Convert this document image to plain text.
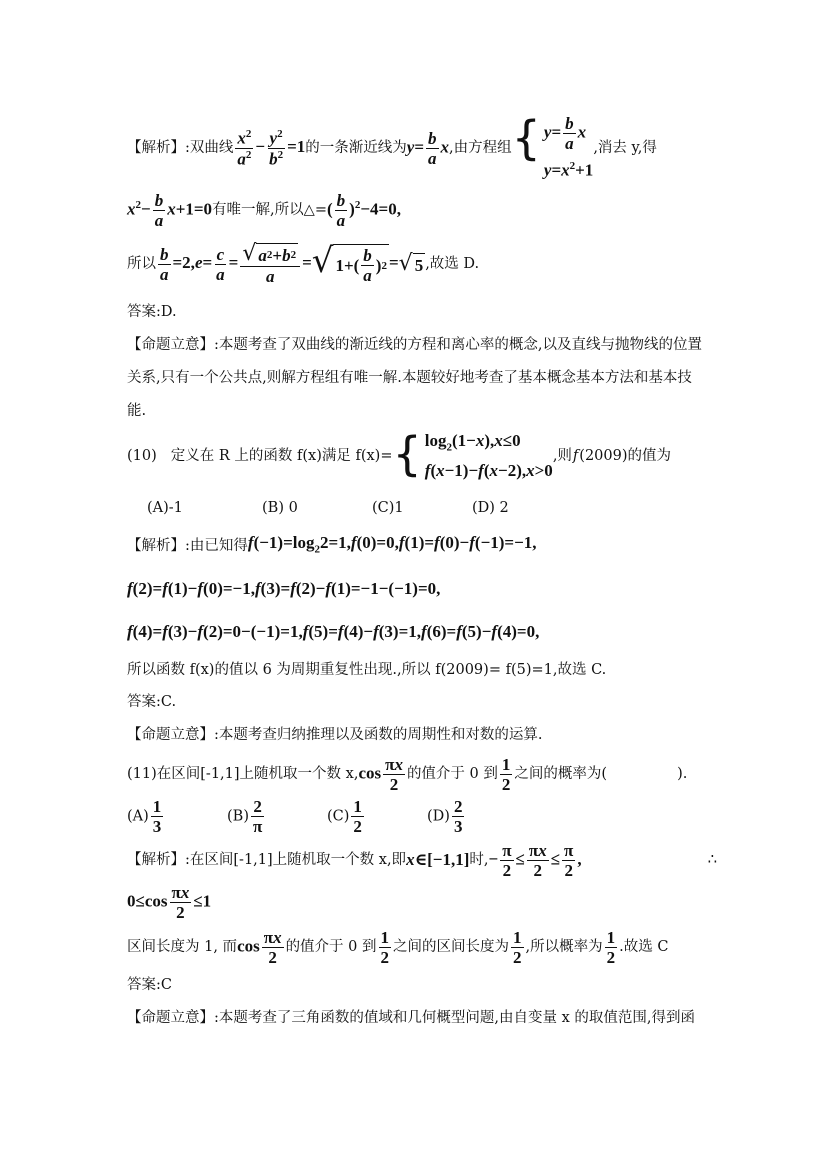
【解析】 :双曲线 $\frac{x^2}{a^2} - \frac{y^2}{b^2} =1$ 的一条渐近线为 $y= \frac{b}{a}$ x ,由方程组 { $y= \frac{b}{a}$ x
$y=x^2+1$
,消去 y,得
$x^2- \frac{b}{a} x+1=0$ 有唯一解,所以△= ( $\frac{b}{a} )^2-4=0$,
所以 $\frac{b}{a} =2,e= \frac{c}{a} = \frac{√ a 2 + b 2}{a}$ = √ $1+( \frac{b}{a}$ ) 2 = √ 5 ,故选 D.
答案:D.
【命题立意】:本题考查了双曲线的渐近线的方程和离心率的概念,以及直线与抛物线的位置
关系,只有一个公共点,则解方程组有唯一解.本题较好地考查了基本概念基本方法和基本技
能.
(10) 定义在 R 上的函数 f(x)满足 f(x)= { $\log_2(1-x),x\le 0$
f(x−1)−f(x−2),x>0
,则 f (2009)的值为
(A)-1	(B) 0	(C)1	(D) 2
【解析】 :由已知得 $f(-1)=\log_22=1,f(0)=0,f(1)=f(0)-f(-1)=-1$,
f(2)=f(1)−f(0)=−1,f(3)=f(2)−f(1)=−1−(−1)=0,
f(4)=f(3)−f(2)=0−(−1)=1,f(5)=f(4)−f(3)=1,f(6)=f(5)−f(4)=0,
所以函数 f(x)的值以 6 为周期重复性出现.,所以 f(2009)= f(5)=1,故选 C.
答案:C.
【命题立意】:本题考查归纳推理以及函数的周期性和对数的运算.
(11)在区间[-1,1]上随机取一个数 x, $\cos \frac{\pi x}{2}$ 的值介于 0 到 $\frac{1}{2}$ 之间的概率为(	).
$(A) \frac{1}{3}$	$(B) \frac{2}{\pi}$	$(C) \frac{1}{2}$	$(D) \frac{2}{3}$
【解析】 :在区间[-1,1]上随机取一个数 x,即 x∈[−1,1] 时, − $\frac{\pi}{2} \le \frac{\pi x}{2} \le \frac{\pi}{2}$ ,	∴
$0\le\cos \frac{\pi x}{2} \le 1$
区间长度为 1, 而 $\cos \frac{\pi x}{2}$ 的值介于 0 到 $\frac{1}{2}$ 之间的区间长度为 $\frac{1}{2}$ ,所以概率为 $\frac{1}{2}$ .故选 C
答案:C
【命题立意】:本题考查了三角函数的值域和几何概型问题,由自变量 x 的取值范围,得到函
